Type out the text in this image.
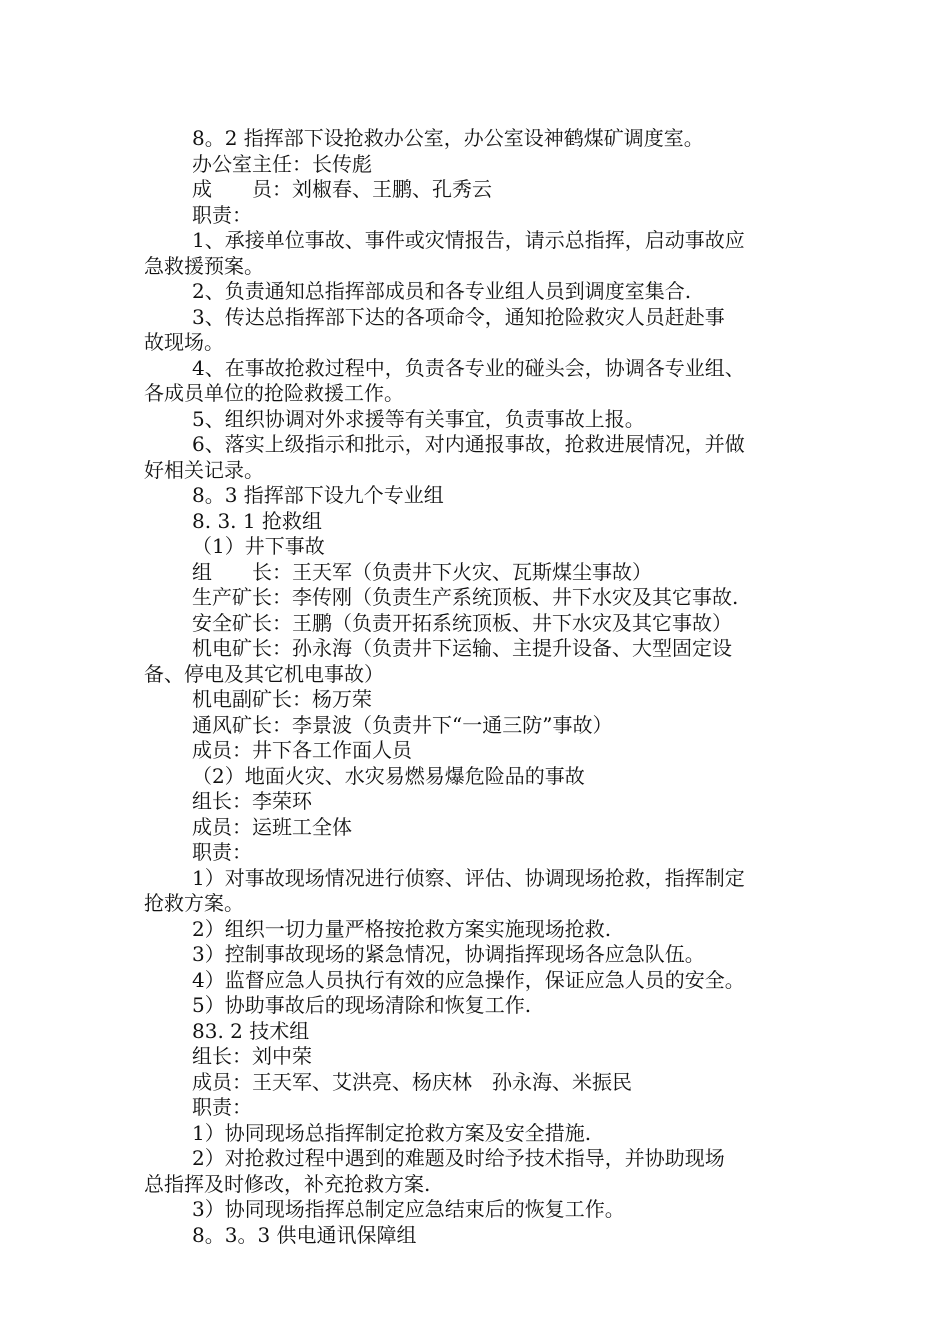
8。2 指挥部下设抢救办公室，办公室设神鹤煤矿调度室。
办公室主任：长传彪
成　　员：刘椒春、王鹏、孔秀云
职责：
1、承接单位事故、事件或灾情报告，请示总指挥，启动事故应
急救援预案。
2、负责通知总指挥部成员和各专业组人员到调度室集合.
3、传达总指挥部下达的各项命令，通知抢险救灾人员赶赴事
故现场。
4、在事故抢救过程中，负责各专业的碰头会，协调各专业组、
各成员单位的抢险救援工作。
5、组织协调对外求援等有关事宜，负责事故上报。
6、落实上级指示和批示，对内通报事故，抢救进展情况，并做
好相关记录。
8。3 指挥部下设九个专业组
8. 3. 1 抢救组
（1）井下事故
组　　长：王天军（负责井下火灾、瓦斯煤尘事故）
生产矿长：李传刚（负责生产系统顶板、井下水灾及其它事故.
安全矿长：王鹏（负责开拓系统顶板、井下水灾及其它事故）
机电矿长：孙永海（负责井下运输、主提升设备、大型固定设
备、停电及其它机电事故）
机电副矿长：杨万荣
通风矿长：李景波（负责井下“一通三防”事故）
成员：井下各工作面人员
（2）地面火灾、水灾易燃易爆危险品的事故
组长：李荣环
成员：运班工全体
职责：
1）对事故现场情况进行侦察、评估、协调现场抢救，指挥制定
抢救方案。
2）组织一切力量严格按抢救方案实施现场抢救.
3）控制事故现场的紧急情况，协调指挥现场各应急队伍。
4）监督应急人员执行有效的应急操作，保证应急人员的安全。
5）协助事故后的现场清除和恢复工作.
83. 2 技术组
组长：刘中荣
成员：王天军、艾洪亮、杨庆林　孙永海、米振民
职责：
1）协同现场总指挥制定抢救方案及安全措施.
2）对抢救过程中遇到的难题及时给予技术指导，并协助现场
总指挥及时修改，补充抢救方案.
3）协同现场指挥总制定应急结束后的恢复工作。
8。3。3 供电通讯保障组
